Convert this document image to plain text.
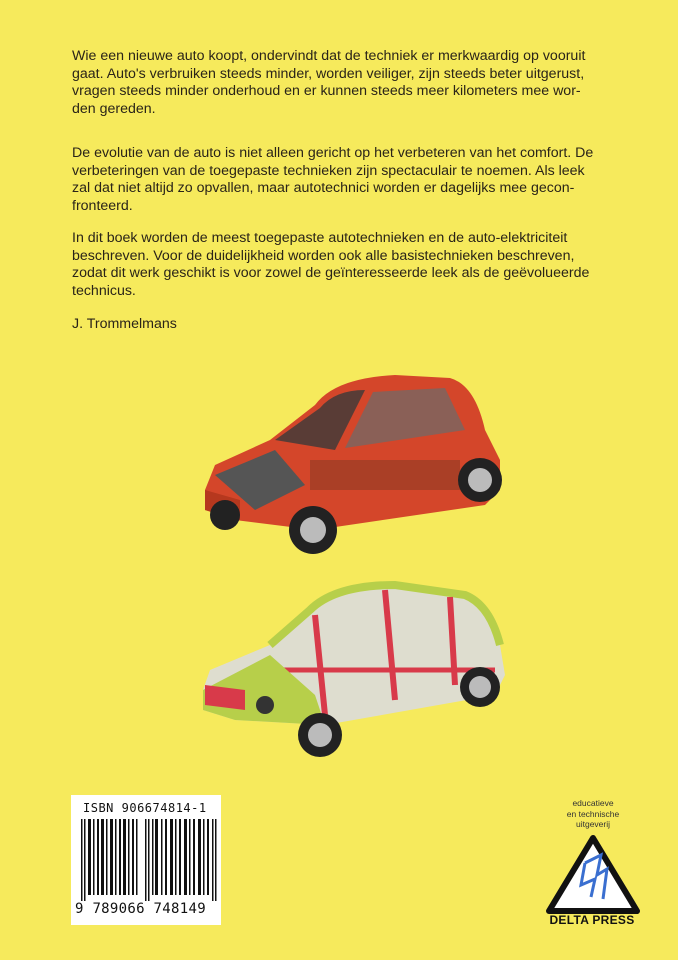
Wie een nieuwe auto koopt, ondervindt dat de techniek er merkwaardig op vooruit
gaat. Auto's verbruiken steeds minder, worden veiliger, zijn steeds beter uitgerust,
vragen steeds minder onderhoud en er kunnen steeds meer kilometers mee wor-
den gereden.
De evolutie van de auto is niet alleen gericht op het verbeteren van het comfort. De
verbeteringen van de toegepaste technieken zijn spectaculair te noemen. Als leek
zal dat niet altijd zo opvallen, maar autotechnici worden er dagelijks mee gecon-
fronteerd.
In dit boek worden de meest toegepaste autotechnieken en de auto-elektriciteit
beschreven. Voor de duidelijkheid worden ook alle basistechnieken beschreven,
zodat dit werk geschikt is voor zowel de geïnteresseerde leek als de geëvolueerde
technicus.
J. Trommelmans
ISBN 906674814-1
9 789066 748149
educatieve
en technische
uitgeverij
DELTA PRESS
